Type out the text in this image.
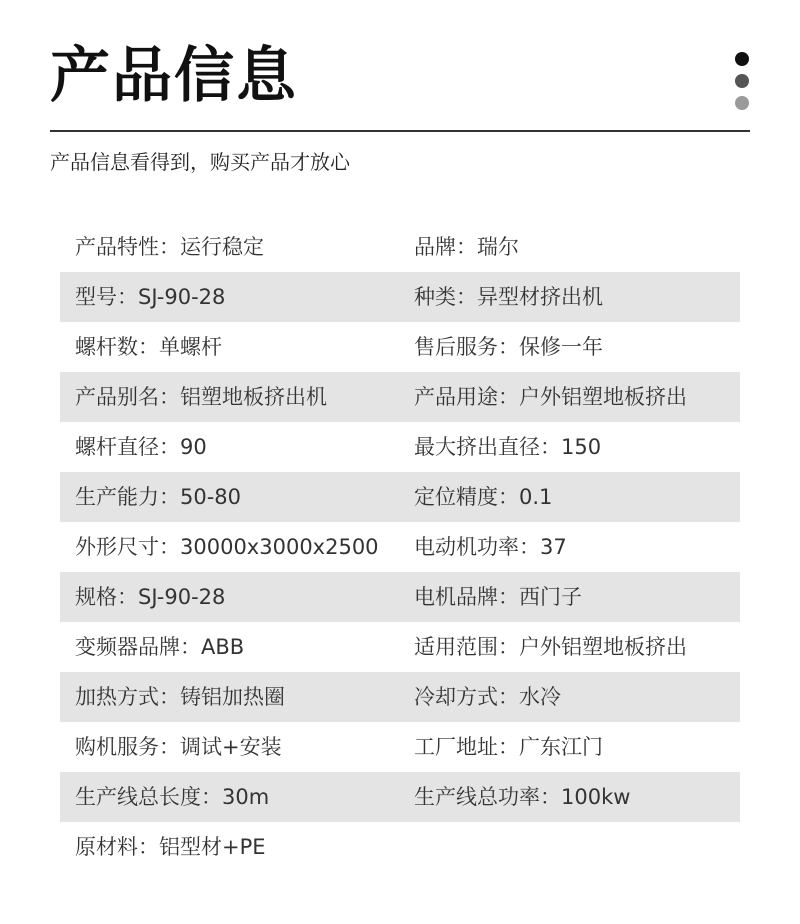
产品信息
产品信息看得到，购买产品才放心
产品特性：运行稳定	品牌：瑞尔
型号：SJ-90-28	种类：异型材挤出机
螺杆数：单螺杆	售后服务：保修一年
产品别名：铝塑地板挤出机	产品用途：户外铝塑地板挤出
螺杆直径：90	最大挤出直径：150
生产能力：50-80	定位精度：0.1
外形尺寸：30000x3000x2500	电动机功率：37
规格：SJ-90-28	电机品牌：西门子
变频器品牌：ABB	适用范围：户外铝塑地板挤出
加热方式：铸铝加热圈	冷却方式：水冷
购机服务：调试+安装	工厂地址：广东江门
生产线总长度：30m	生产线总功率：100kw
原材料：铝型材+PE
